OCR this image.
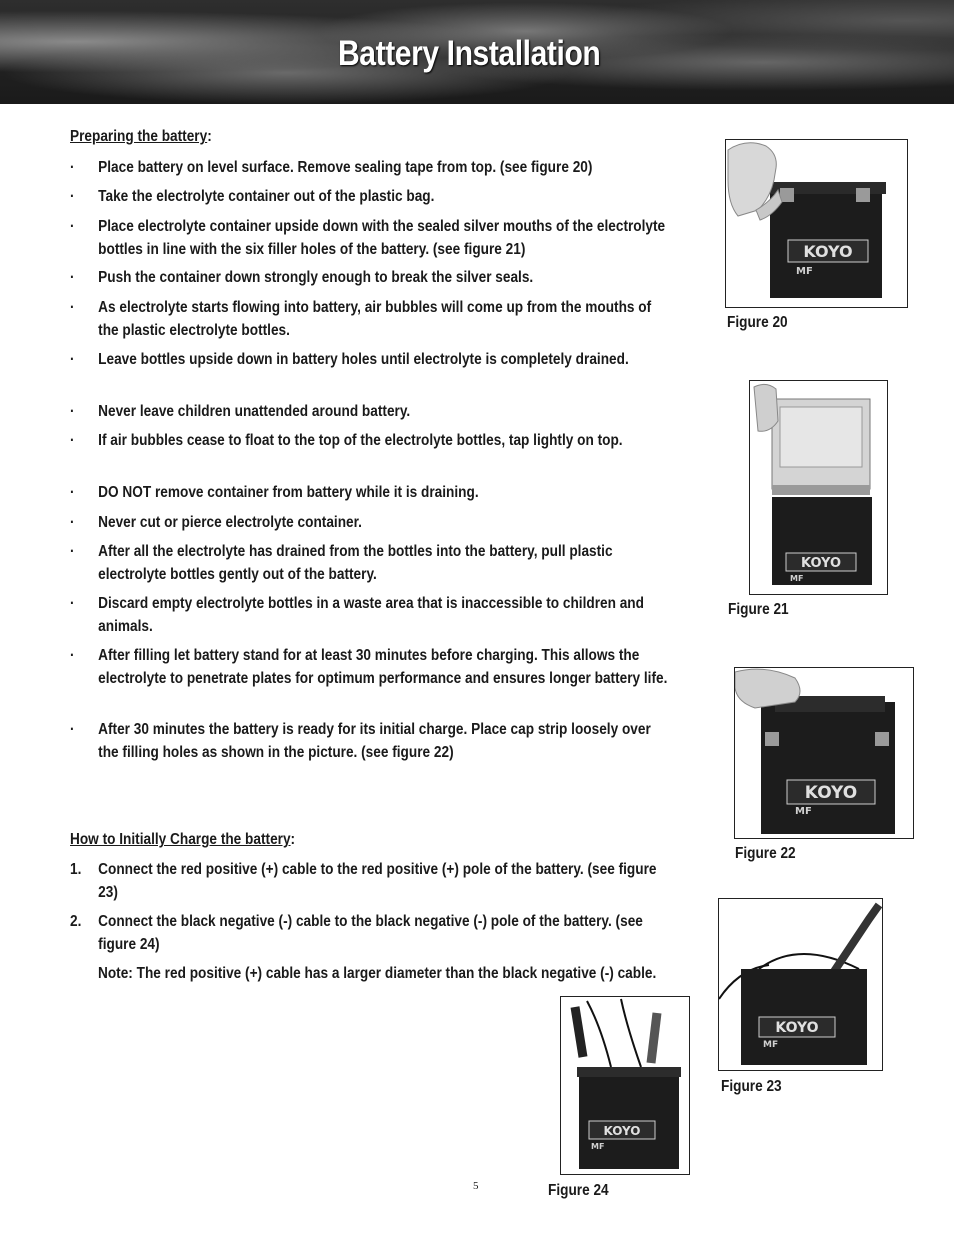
Battery Installation
Preparing the battery:
·	Place battery on level surface. Remove sealing tape from top. (see figure 20)
·	Take the electrolyte container out of the plastic bag.
·	Place electrolyte container upside down with the sealed silver mouths of the electrolyte bottles in line with the six filler holes of the battery. (see figure 21)
·	Push the container down strongly enough to break the silver seals.
·	As electrolyte starts flowing into battery, air bubbles will come up from the mouths of the plastic electrolyte bottles.
·	Leave bottles upside down in battery holes until electrolyte is completely drained.
·	Never leave children unattended around battery.
·	If air bubbles cease to float to the top of the electrolyte bottles, tap lightly on top.
·	DO NOT remove container from battery while it is draining.
·	Never cut or pierce electrolyte container.
·	After all the electrolyte has drained from the bottles into the battery, pull plastic electrolyte bottles gently out of the battery.
·	Discard empty electrolyte bottles in a waste area that is inaccessible to children and animals.
·	After filling let battery stand for at least 30 minutes before charging. This allows the electrolyte to penetrate plates for optimum performance and ensures longer battery life.
·	After 30 minutes the battery is ready for its initial charge. Place cap strip loosely over the filling holes as shown in the picture. (see figure 22)
How to Initially Charge the battery:
1.	Connect the red positive (+) cable to the red positive (+) pole of the battery. (see figure 23)
2.	Connect the black negative (-) cable to the black negative (-) pole of the battery. (see figure 24)
Note: The red positive (+) cable has a larger diameter than the black negative (-) cable.
KOYO
MF
Figure 20
KOYO
MF
Figure 21
KOYO
MF
Figure 22
KOYO
MF
Figure 23
KOYO
MF
Figure 24
5
